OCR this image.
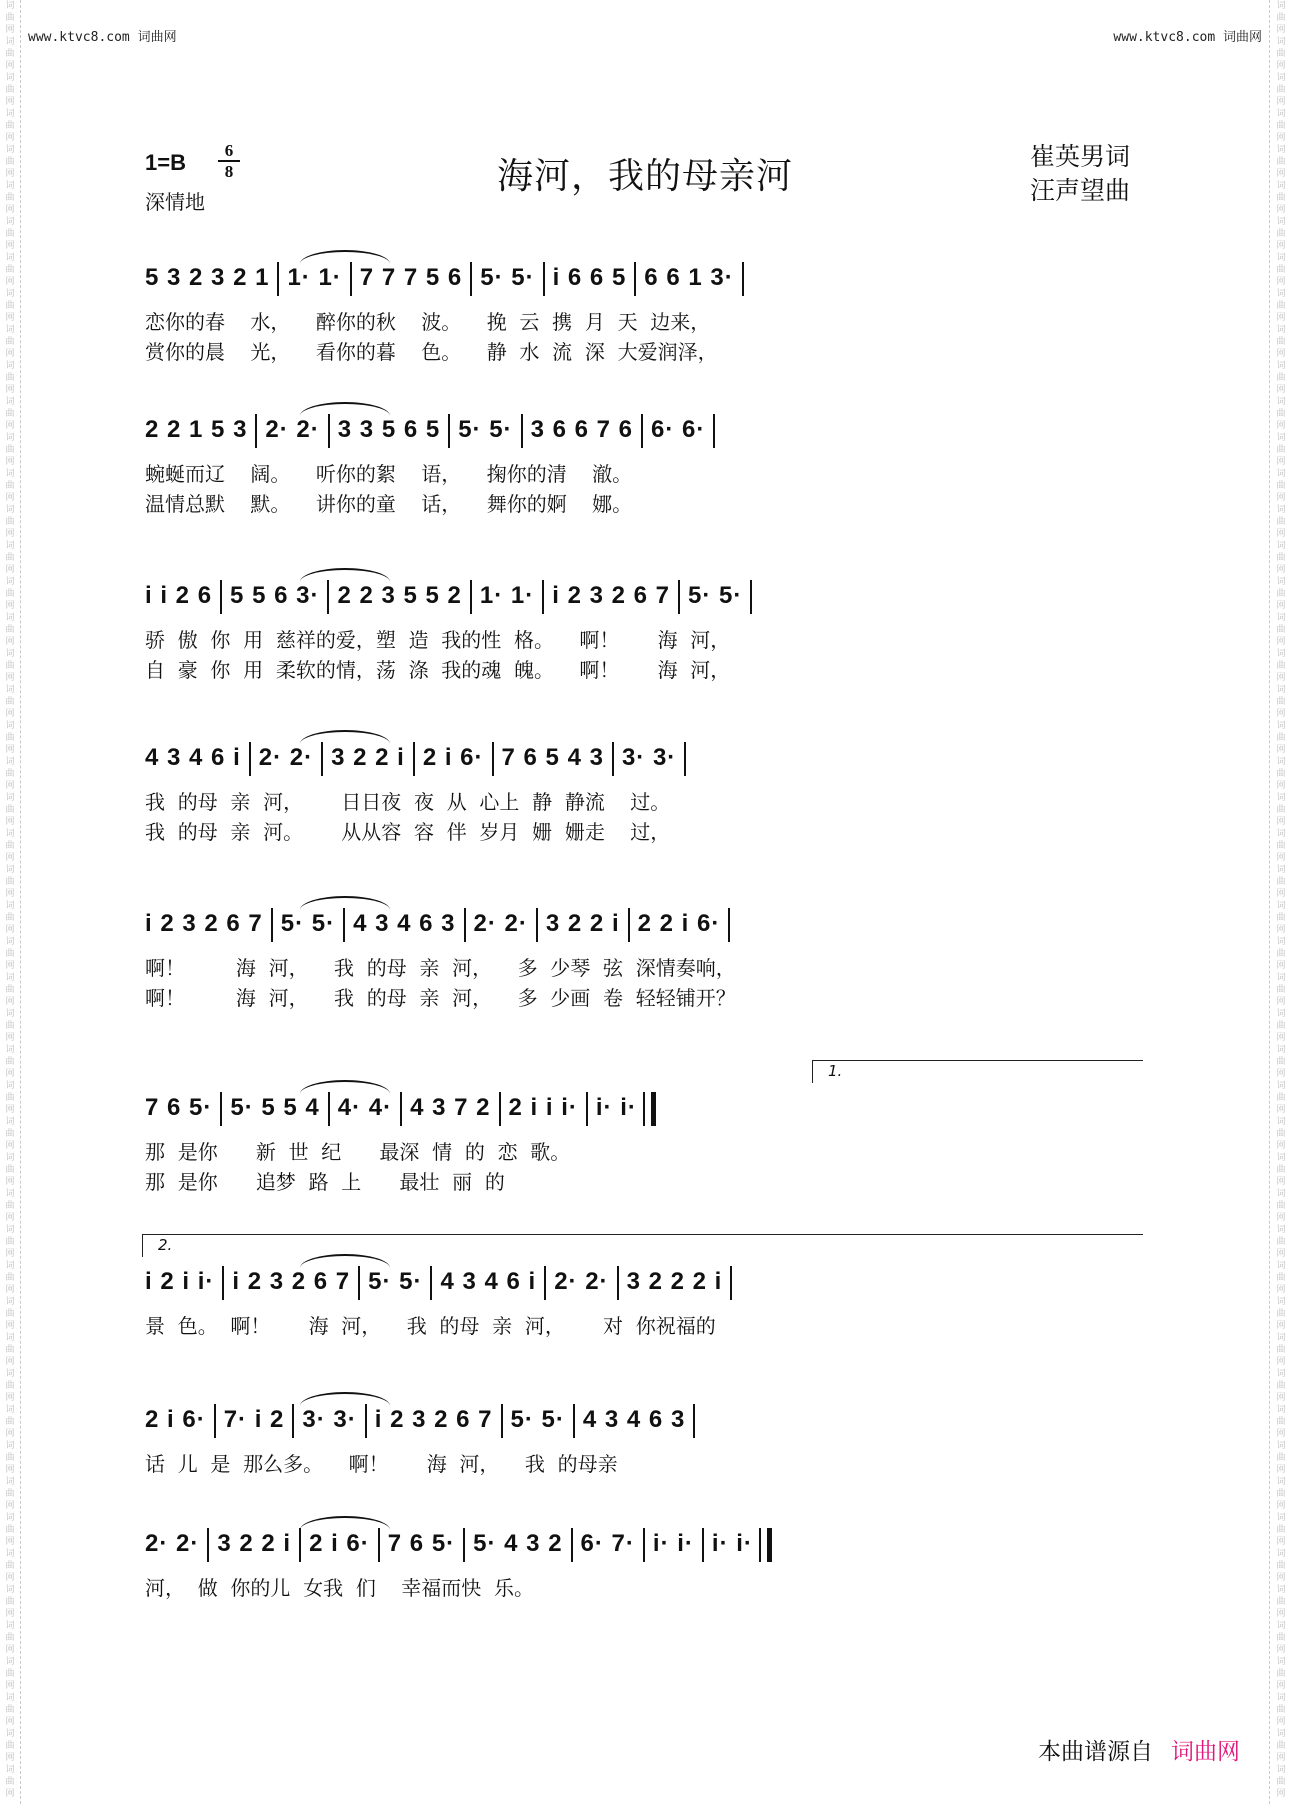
词曲网词曲网词曲网词曲网词曲网词曲网词曲网词曲网词曲网词曲网词曲网词曲网词曲网词曲网词曲网词曲网词曲网词曲网词曲网词曲网词曲网词曲网词曲网词曲网词曲网词曲网词曲网词曲网词曲网词曲网词曲网词曲网词曲网词曲网词曲网词曲网词曲网词曲网词曲网词曲网词曲网词曲网词曲网词曲网词曲网词曲网词曲网词曲网词曲网词曲网
词曲网词曲网词曲网词曲网词曲网词曲网词曲网词曲网词曲网词曲网词曲网词曲网词曲网词曲网词曲网词曲网词曲网词曲网词曲网词曲网词曲网词曲网词曲网词曲网词曲网词曲网词曲网词曲网词曲网词曲网词曲网词曲网词曲网词曲网词曲网词曲网词曲网词曲网词曲网词曲网词曲网词曲网词曲网词曲网词曲网词曲网词曲网词曲网词曲网词曲网
www.ktvc8.com 词曲网	www.ktvc8.com 词曲网
1=B	6
8
深情地
海河，我的母亲河	崔英男词
汪声望曲
5 3 2 3 2 1 1· 1· 7 7 7 5 6 5· 5· i 6 6 5 6 6 1 3·
恋你的春    水，    醉你的秋    波。    挽  云  携  月  天  边来，
赏你的晨    光，    看你的暮    色。    静  水  流  深  大爱润泽，
2 2 1 5 3 2· 2· 3 3 5 6 5 5· 5· 3 6 6 7 6 6· 6·
蜿蜒而辽    阔。    听你的絮    语，    掬你的清    澈。
温情总默    默。    讲你的童    话，    舞你的婀    娜。
i i 2 6 5 5 6 3· 2 2 3 5 5 2 1· 1· i 2 3 2 6 7 5· 5·
骄  傲  你  用  慈祥的爱，塑  造  我的性  格。    啊！      海  河，
自  豪  你  用  柔软的情，荡  涤  我的魂  魄。    啊！      海  河，
4 3 4 6 i 2· 2· 3 2 2 i 2 i 6· 7 6 5 4 3 3· 3·
我  的母  亲  河，      日日夜  夜  从  心上  静  静流    过。
我  的母  亲  河。      从从容  容  伴  岁月  姗  姗走    过，
i 2 3 2 6 7 5· 5· 4 3 4 6 3 2· 2· 3 2 2 i 2 2 i 6·
啊！        海  河，    我  的母  亲  河，    多  少琴  弦  深情奏响，
啊！        海  河，    我  的母  亲  河，    多  少画  卷  轻轻铺开？
7 6 5· 5· 5 5 4 4· 4· 4 3 7 2 2 i i i· i· i·
1.
那  是你      新  世  纪      最深  情  的  恋  歌。
那  是你      追梦  路  上      最壮  丽  的
i 2 i i· i 2 3 2 6 7 5· 5· 4 3 4 6 i 2· 2· 3 2 2 2 i
2.
景  色。  啊！      海  河，    我  的母  亲  河，      对  你祝福的
2 i 6· 7· i 2 3· 3· i 2 3 2 6 7 5· 5· 4 3 4 6 3
话  儿  是  那么多。    啊！      海  河，    我  的母亲
2· 2· 3 2 2 i 2 i 6· 7 6 5· 5· 4 3 2 6· 7· i· i· i· i·
河，  做  你的儿  女我  们    幸福而快  乐。
本曲谱源自 词曲网
